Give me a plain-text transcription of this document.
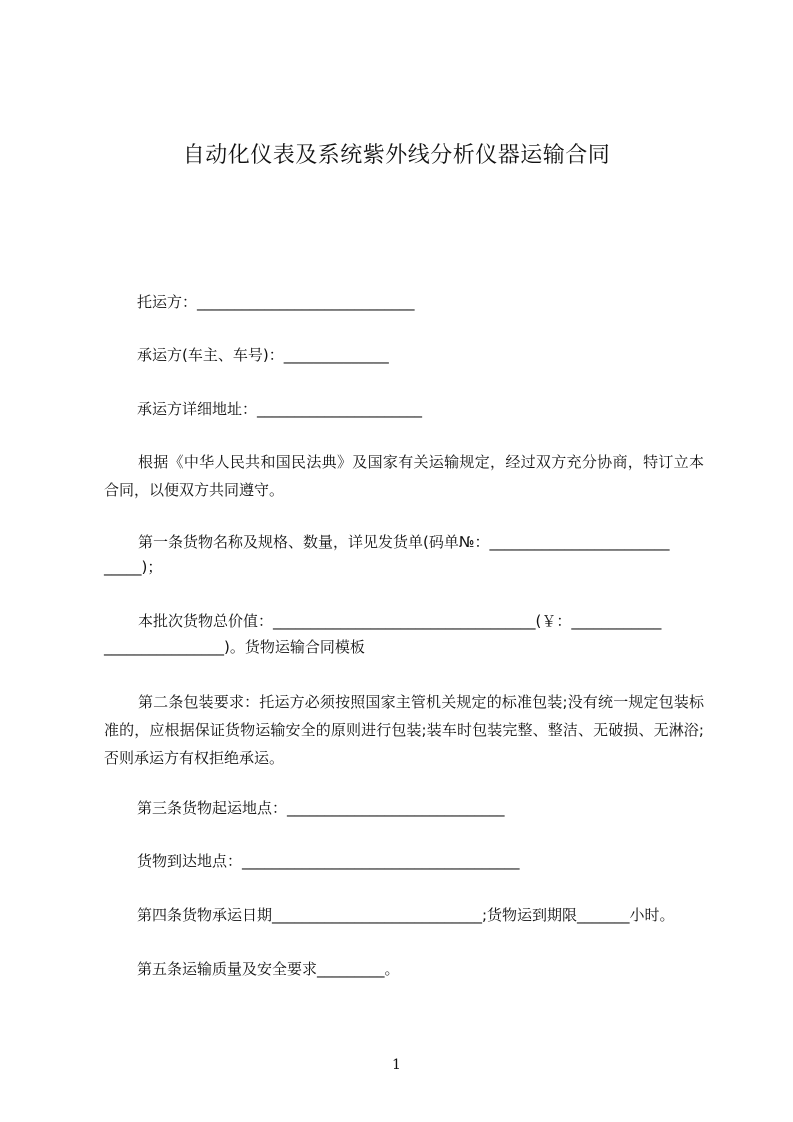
自动化仪表及系统紫外线分析仪器运输合同
托运方：_____________________________
承运方(车主、车号)：______________
承运方详细地址：______________________
根据《中华人民共和国民法典》及国家有关运输规定，经过双方充分协商，特订立本合同，以便双方共同遵守。
第一条货物名称及规格、数量，详见发货单(码单№：________________________
_____)；
本批次货物总价值：___________________________________(￥：____________
________________)。货物运输合同模板
第二条包装要求：托运方必须按照国家主管机关规定的标准包装;没有统一规定包装标准的，应根据保证货物运输安全的原则进行包装;装车时包装完整、整洁、无破损、无淋浴;否则承运方有权拒绝承运。
第三条货物起运地点：_____________________________
货物到达地点：_____________________________________
第四条货物承运日期____________________________;货物运到期限_______小时。
第五条运输质量及安全要求_________。
1
